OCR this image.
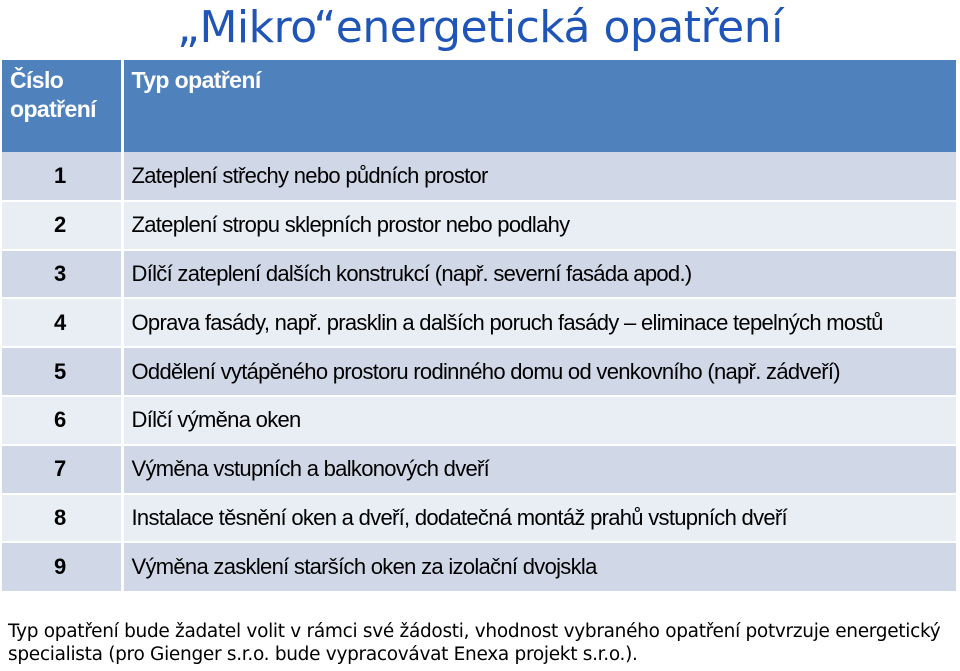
„Mikro“energetická opatření
Číslo opatření	Typ opatření
1	Zateplení střechy nebo půdních prostor
2	Zateplení stropu sklepních prostor nebo podlahy
3	Dílčí zateplení dalších konstrukcí (např. severní fasáda apod.)
4	Oprava fasády, např. prasklin a dalších poruch fasády – eliminace tepelných mostů
5	Oddělení vytápěného prostoru rodinného domu od venkovního (např. zádveří)
6	Dílčí výměna oken
7	Výměna vstupních a balkonových dveří
8	Instalace těsnění oken a dveří, dodatečná montáž prahů vstupních dveří
9	Výměna zasklení starších oken za izolační dvojskla
Typ opatření bude žadatel volit v rámci své žádosti, vhodnost vybraného opatření potvrzuje energetický specialista (pro Gienger s.r.o. bude vypracovávat Enexa projekt s.r.o.).
